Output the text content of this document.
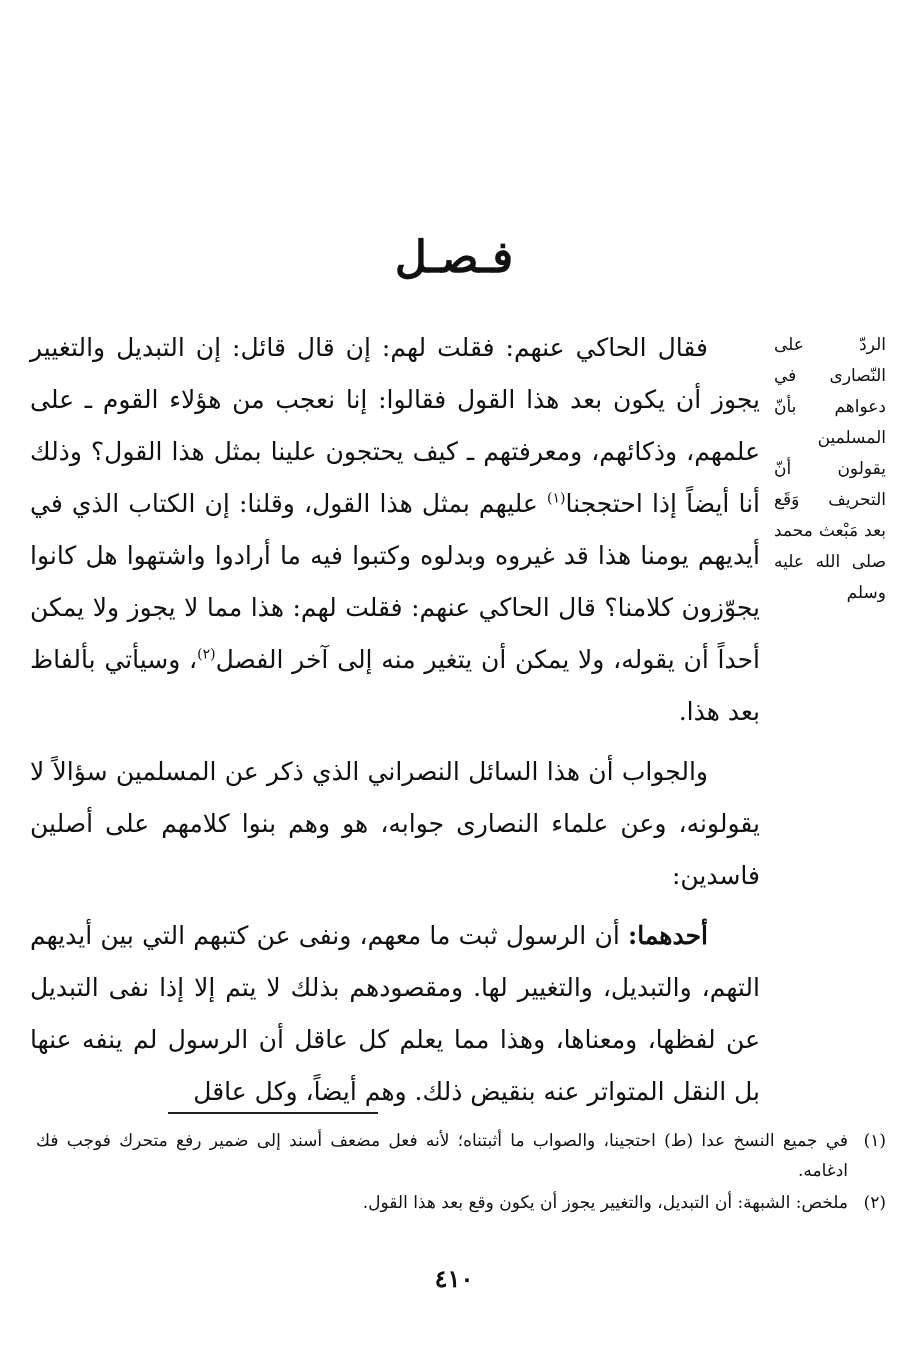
فـصـل
الردّ على النّصارى في دعواهم بأنّ المسلمين يقولون أنّ التحريف وَقَع بعد مَبْعث محمد صلى الله عليه وسلم

فقال الحاكي عنهم: فقلت لهم: إن قال قائل: إن التبديل والتغيير يجوز أن يكون بعد هذا القول فقالوا: إنا نعجب من هؤلاء القوم ـ على علمهم، وذكائهم، ومعرفتهم ـ كيف يحتجون علينا بمثل هذا القول؟ وذلك أنا أيضاً إذا احتججنا$^{(١)}$ عليهم بمثل هذا القول، وقلنا: إن الكتاب الذي في أيديهم يومنا هذا قد غيروه وبدلوه وكتبوا فيه ما أرادوا واشتهوا هل كانوا يجوّزون كلامنا؟ قال الحاكي عنهم: فقلت لهم: هذا مما لا يجوز ولا يمكن أحداً أن يقوله، ولا يمكن أن يتغير منه إلى آخر الفصل$^{(٢)}$، وسيأتي بألفاظ بعد هذا.

والجواب أن هذا السائل النصراني الذي ذكر عن المسلمين سؤالاً لا يقولونه، وعن علماء النصارى جوابه، هو وهم بنوا كلامهم على أصلين فاسدين:

أحدهما: أن الرسول ثبت ما معهم، ونفى عن كتبهم التي بين أيديهم التهم، والتبديل، والتغيير لها. ومقصودهم بذلك لا يتم إلا إذا نفى التبديل عن لفظها، ومعناها، وهذا مما يعلم كل عاقل أن الرسول لم ينفه عنها بل النقل المتواتر عنه بنقيض ذلك. وهم أيضاً، وكل عاقل

(١)
في جميع النسخ عدا (ط) احتجينا، والصواب ما أثبتناه؛ لأنه فعل مضعف أسند إلى ضمير رفع متحرك فوجب فك ادغامه.
(٢)
ملخص: الشبهة: أن التبديل، والتغيير يجوز أن يكون وقع بعد هذا القول.
٤١٠
